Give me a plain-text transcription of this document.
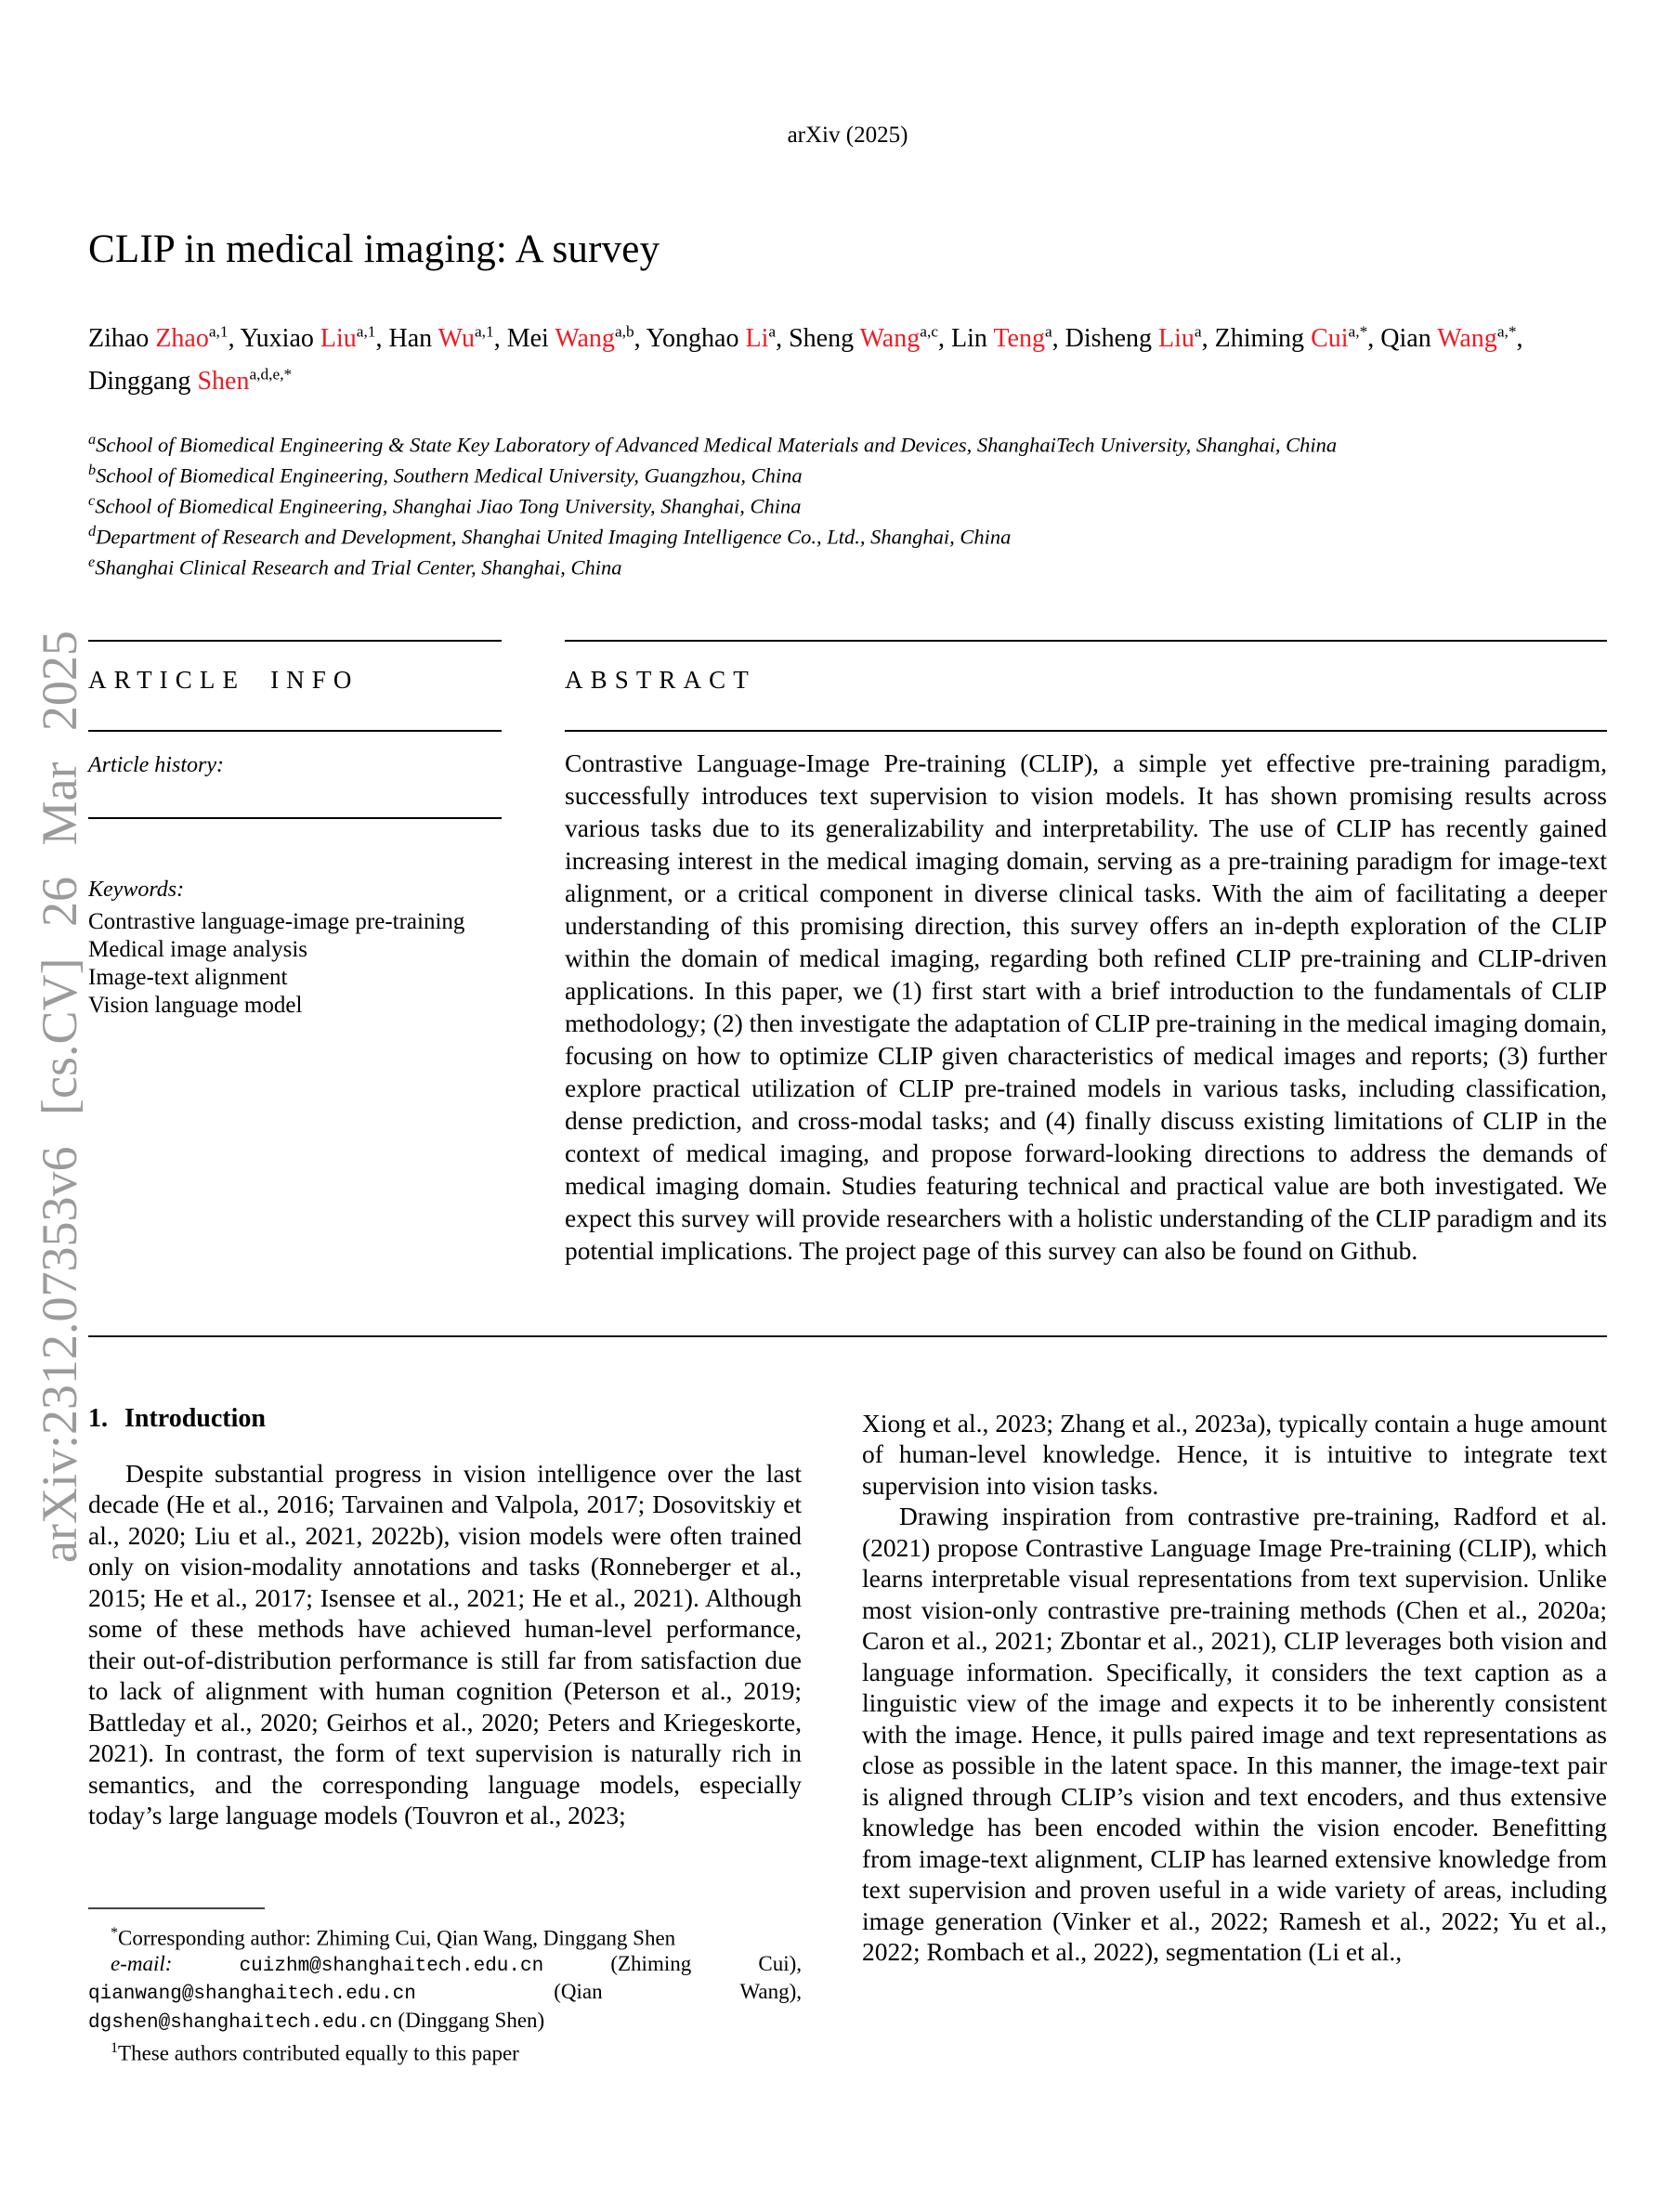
arXiv:2312.07353v6 [cs.CV] 26 Mar 2025
arXiv (2025)
CLIP in medical imaging: A survey
Zihao Zhao$^{a,1}$, Yuxiao Liu$^{a,1}$, Han Wu$^{a,1}$, Mei Wang$^{a,b}$, Yonghao Li$^a$, Sheng Wang$^{a,c}$, Lin Teng$^a$, Disheng Liu$^a$, Zhiming Cui$^{a,*}$, Qian Wang$^{a,*}$, Dinggang Shen$^{a,d,e,*}$
$^a$School of Biomedical Engineering & State Key Laboratory of Advanced Medical Materials and Devices, ShanghaiTech University, Shanghai, China
$^b$School of Biomedical Engineering, Southern Medical University, Guangzhou, China
$^c$School of Biomedical Engineering, Shanghai Jiao Tong University, Shanghai, China
$^d$Department of Research and Development, Shanghai United Imaging Intelligence Co., Ltd., Shanghai, China
$^e$Shanghai Clinical Research and Trial Center, Shanghai, China
ARTICLE INFO
Article history:
Keywords:
Contrastive language-image pre-training
Medical image analysis
Image-text alignment
Vision language model
ABSTRACT

Contrastive Language-Image Pre-training (CLIP), a simple yet effective pre-training paradigm, successfully introduces text supervision to vision models. It has shown promising results across various tasks due to its generalizability and interpretability. The use of CLIP has recently gained increasing interest in the medical imaging domain, serving as a pre-training paradigm for image-text alignment, or a critical component in diverse clinical tasks. With the aim of facilitating a deeper understanding of this promising direction, this survey offers an in-depth exploration of the CLIP within the domain of medical imaging, regarding both refined CLIP pre-training and CLIP-driven applications. In this paper, we (1) first start with a brief introduction to the fundamentals of CLIP methodology; (2) then investigate the adaptation of CLIP pre-training in the medical imaging domain, focusing on how to optimize CLIP given characteristics of medical images and reports; (3) further explore practical utilization of CLIP pre-trained models in various tasks, including classification, dense prediction, and cross-modal tasks; and (4) finally discuss existing limitations of CLIP in the context of medical imaging, and propose forward-looking directions to address the demands of medical imaging domain. Studies featuring technical and practical value are both investigated. We expect this survey will provide researchers with a holistic understanding of the CLIP paradigm and its potential implications. The project page of this survey can also be found on Github.

1. Introduction

Despite substantial progress in vision intelligence over the last decade (He et al., 2016; Tarvainen and Valpola, 2017; Dosovitskiy et al., 2020; Liu et al., 2021, 2022b), vision models were often trained only on vision-modality annotations and tasks (Ronneberger et al., 2015; He et al., 2017; Isensee et al., 2021; He et al., 2021). Although some of these methods have achieved human-level performance, their out-of-distribution performance is still far from satisfaction due to lack of alignment with human cognition (Peterson et al., 2019; Battleday et al., 2020; Geirhos et al., 2020; Peters and Kriegeskorte, 2021). In contrast, the form of text supervision is naturally rich in semantics, and the corresponding language models, especially today’s large language models (Touvron et al., 2023;

*Corresponding author: Zhiming Cui, Qian Wang, Dinggang Shen

e-mail:	cuizhm@shanghaitech.edu.cn (Zhiming Cui), qianwang@shanghaitech.edu.cn (Qian Wang), dgshen@shanghaitech.edu.cn (Dinggang Shen)

$^1$These authors contributed equally to this paper

Xiong et al., 2023; Zhang et al., 2023a), typically contain a huge amount of human-level knowledge. Hence, it is intuitive to integrate text supervision into vision tasks.

Drawing inspiration from contrastive pre-training, Radford et al. (2021) propose Contrastive Language Image Pre-training (CLIP), which learns interpretable visual representations from text supervision. Unlike most vision-only contrastive pre-training methods (Chen et al., 2020a; Caron et al., 2021; Zbontar et al., 2021), CLIP leverages both vision and language information. Specifically, it considers the text caption as a linguistic view of the image and expects it to be inherently consistent with the image. Hence, it pulls paired image and text representations as close as possible in the latent space. In this manner, the image-text pair is aligned through CLIP’s vision and text encoders, and thus extensive knowledge has been encoded within the vision encoder. Benefitting from image-text alignment, CLIP has learned extensive knowledge from text supervision and proven useful in a wide variety of areas, including image generation (Vinker et al., 2022; Ramesh et al., 2022; Yu et al., 2022; Rombach et al., 2022), segmentation (Li et al.,
